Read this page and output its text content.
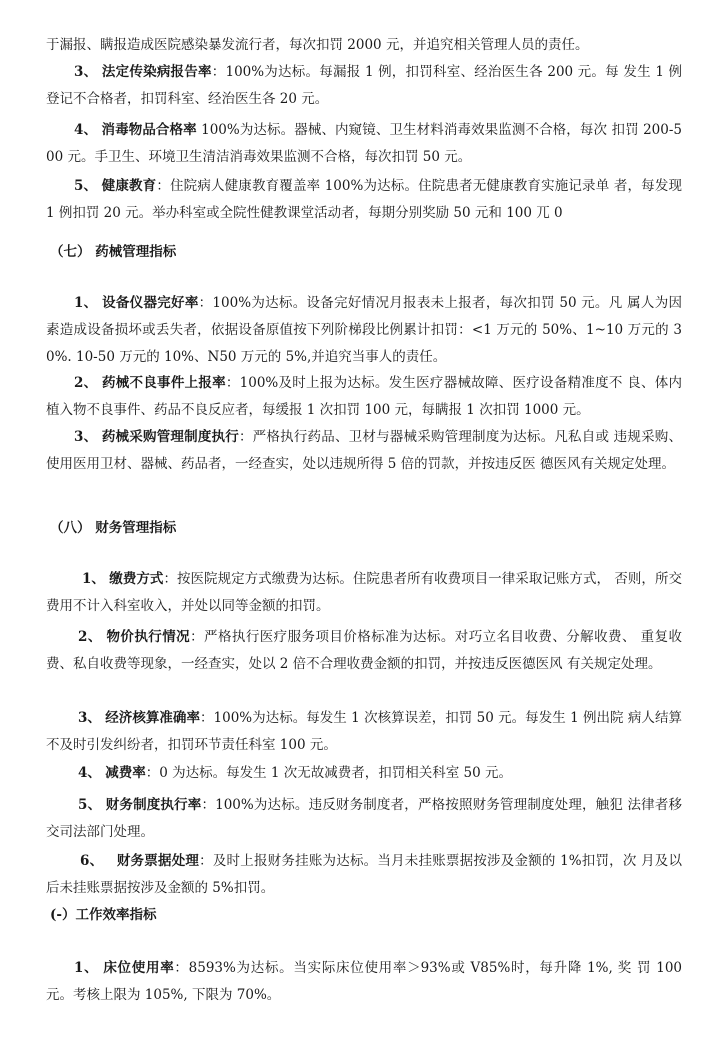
于漏报、瞒报造成医院感染暴发流行者，每次扣罚 2000 元，并追究相关管理人员的责任。
3、 法定传染病报告率：100%为达标。每漏报 1 例，扣罚科室、经治医生各 200 元。每 发生 1 例登记不合格者，扣罚科室、经治医生各 20 元。
4、 消毒物品合格率 100%为达标。器械、内窥镜、卫生材料消毒效果监测不合格，每次 扣罚 200-500 元。手卫生、环境卫生清洁消毒效果监测不合格，每次扣罚 50 元。
5、 健康教育：住院病人健康教育覆盖率 100%为达标。住院患者无健康教育实施记录单 者，每发现 1 例扣罚 20 元。举办科室或全院性健教课堂活动者，每期分别奖励 50 元和 100 兀 0
（七） 药械管理指标
1、 设备仪器完好率：100%为达标。设备完好情况月报表未上报者，每次扣罚 50 元。凡 属人为因素造成设备损坏或丢失者，依据设备原值按下列阶梯段比例累计扣罚：<1 万元的 50%、1~10 万元的 30%. 10-50 万元的 10%、N50 万元的 5%,并追究当事人的责任。
2、 药械不良事件上报率：100%及时上报为达标。发生医疗器械故障、医疗设备精准度不 良、体内植入物不良事件、药品不良反应者，每缓报 1 次扣罚 100 元，每瞒报 1 次扣罚 1000 元。
3、 药械采购管理制度执行：严格执行药品、卫材与器械采购管理制度为达标。凡私自或 违规采购、使用医用卫材、器械、药品者，一经查实，处以违规所得 5 倍的罚款，并按违反医 德医风有关规定处理。
（八） 财务管理指标
1、 缴费方式：按医院规定方式缴费为达标。住院患者所有收费项目一律采取记账方式， 否则，所交费用不计入科室收入，并处以同等金额的扣罚。
2、 物价执行情况：严格执行医疗服务项目价格标准为达标。对巧立名目收费、分解收费、 重复收费、私自收费等现象，一经查实，处以 2 倍不合理收费金额的扣罚，并按违反医德医风 有关规定处理。
3、 经济核算准确率：100%为达标。每发生 1 次核算误差，扣罚 50 元。每发生 1 例出院 病人结算不及时引发纠纷者，扣罚环节责任科室 100 元。
4、 减费率：0 为达标。每发生 1 次无故减费者，扣罚相关科室 50 元。
5、 财务制度执行率：100%为达标。违反财务制度者，严格按照财务管理制度处理，触犯 法律者移交司法部门处理。
6、 财务票据处理：及时上报财务挂账为达标。当月未挂账票据按涉及金额的 1%扣罚，次 月及以后未挂账票据按涉及金额的 5%扣罚。
(-）工作效率指标
1、 床位使用率：8593%为达标。当实际床位使用率＞93%或 V85%时，每升降 1%, 奖 罚 100 元。考核上限为 105%, 下限为 70%。
